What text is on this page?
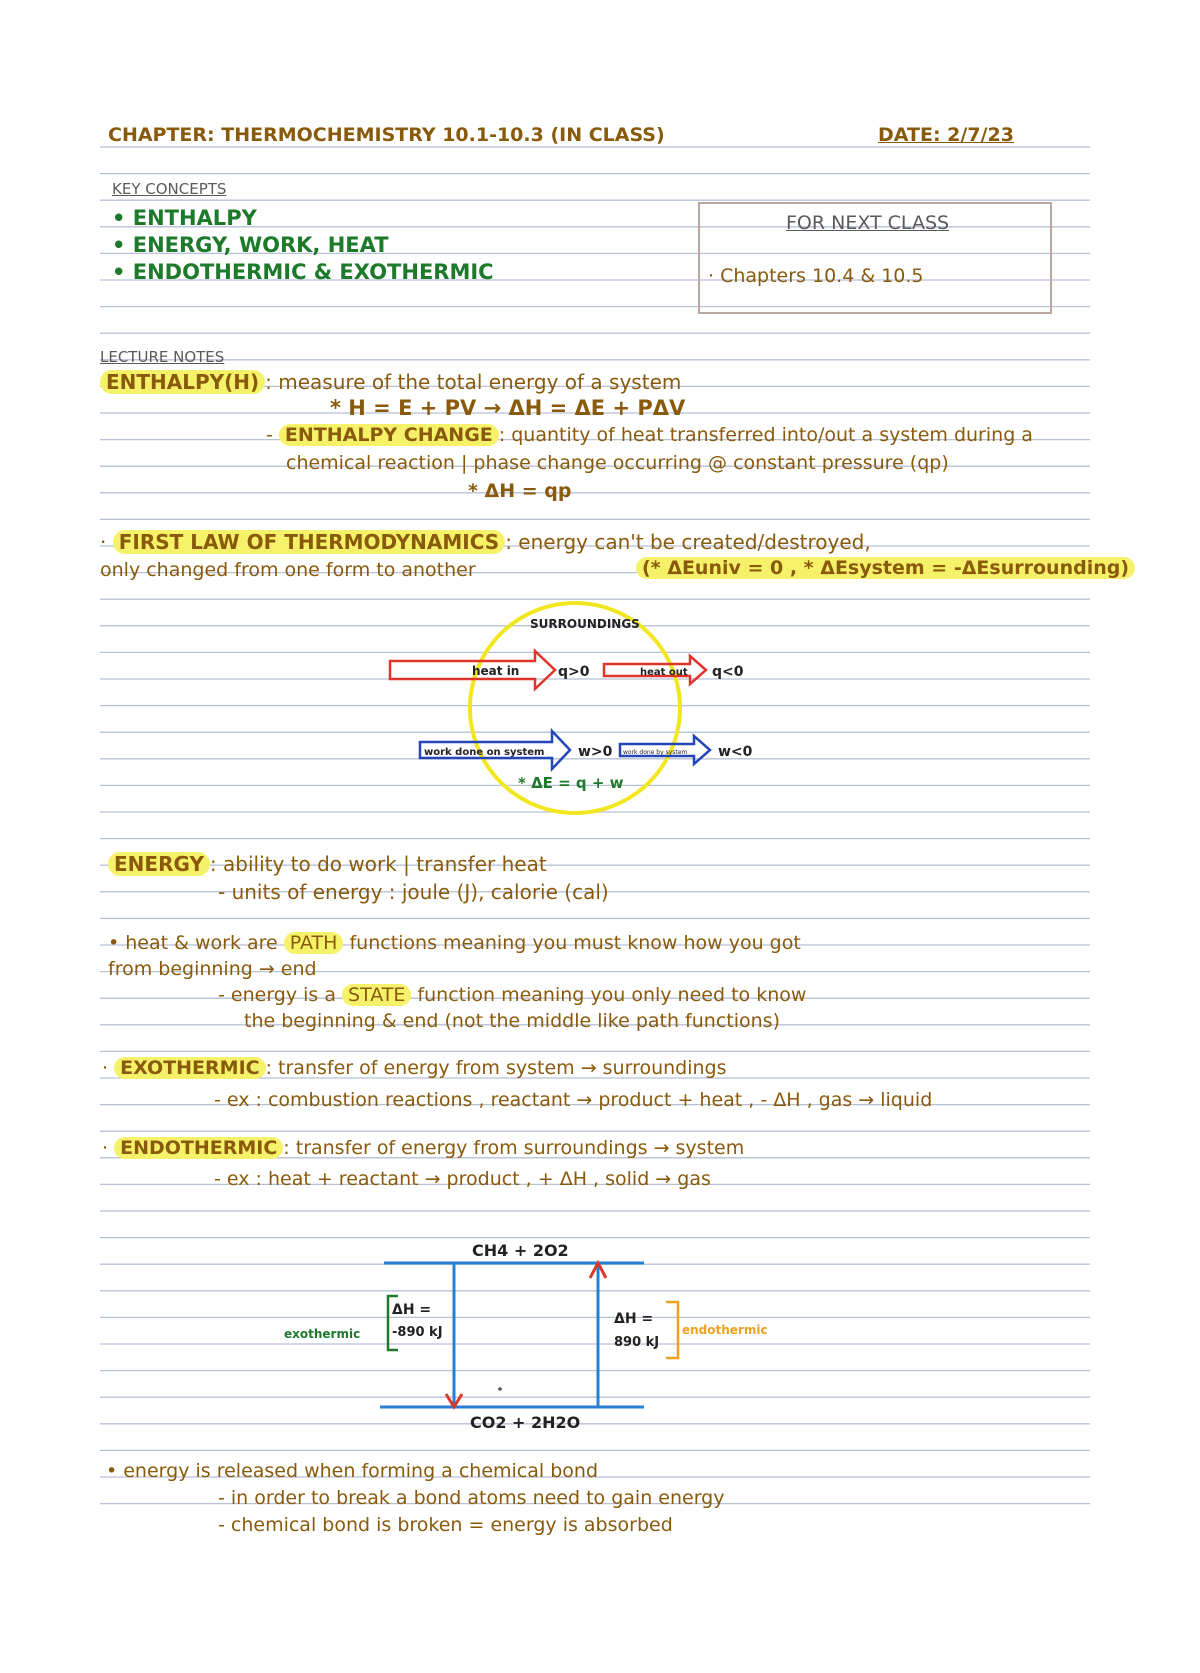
CHAPTER: THERMOCHEMISTRY 10.1-10.3 (IN CLASS)	DATE: 2/7/23
KEY CONCEPTS
• ENTHALPY
• ENERGY, WORK, HEAT
• ENDOTHERMIC & EXOTHERMIC
FOR NEXT CLASS
· Chapters 10.4 & 10.5
LECTURE NOTES
ENTHALPY(H) : measure of the total energy of a system
* H = E + PV → ΔH = ΔE + PΔV
- ENTHALPY CHANGE : quantity of heat transferred into/out a system during a
chemical reaction | phase change occurring @ constant pressure (qp)
* ΔH = qp
· FIRST LAW OF THERMODYNAMICS : energy can't be created/destroyed,
only changed from one form to another	(* ΔEuniv = 0 , * ΔEsystem = -ΔEsurrounding)
SURROUNDINGS
heat in	q>0	heat out q<0
work done on system w>0 work done by system w<0
* ΔE = q + w
ENERGY : ability to do work | transfer heat
- units of energy : joule (J), calorie (cal)
• heat & work are PATH functions meaning you must know how you got
from beginning → end
- energy is a STATE function meaning you only need to know
the beginning & end (not the middle like path functions)
· EXOTHERMIC : transfer of energy from system → surroundings
- ex : combustion reactions , reactant → product + heat , - ΔH , gas → liquid
· ENDOTHERMIC : transfer of energy from surroundings → system
- ex : heat + reactant → product , + ΔH , solid → gas
CH4 + 2O2
CO2 + 2H2O
ΔH =
-890 kJ
exothermic
ΔH =
890 kJ
endothermic
• energy is released when forming a chemical bond
- in order to break a bond atoms need to gain energy
- chemical bond is broken = energy is absorbed
